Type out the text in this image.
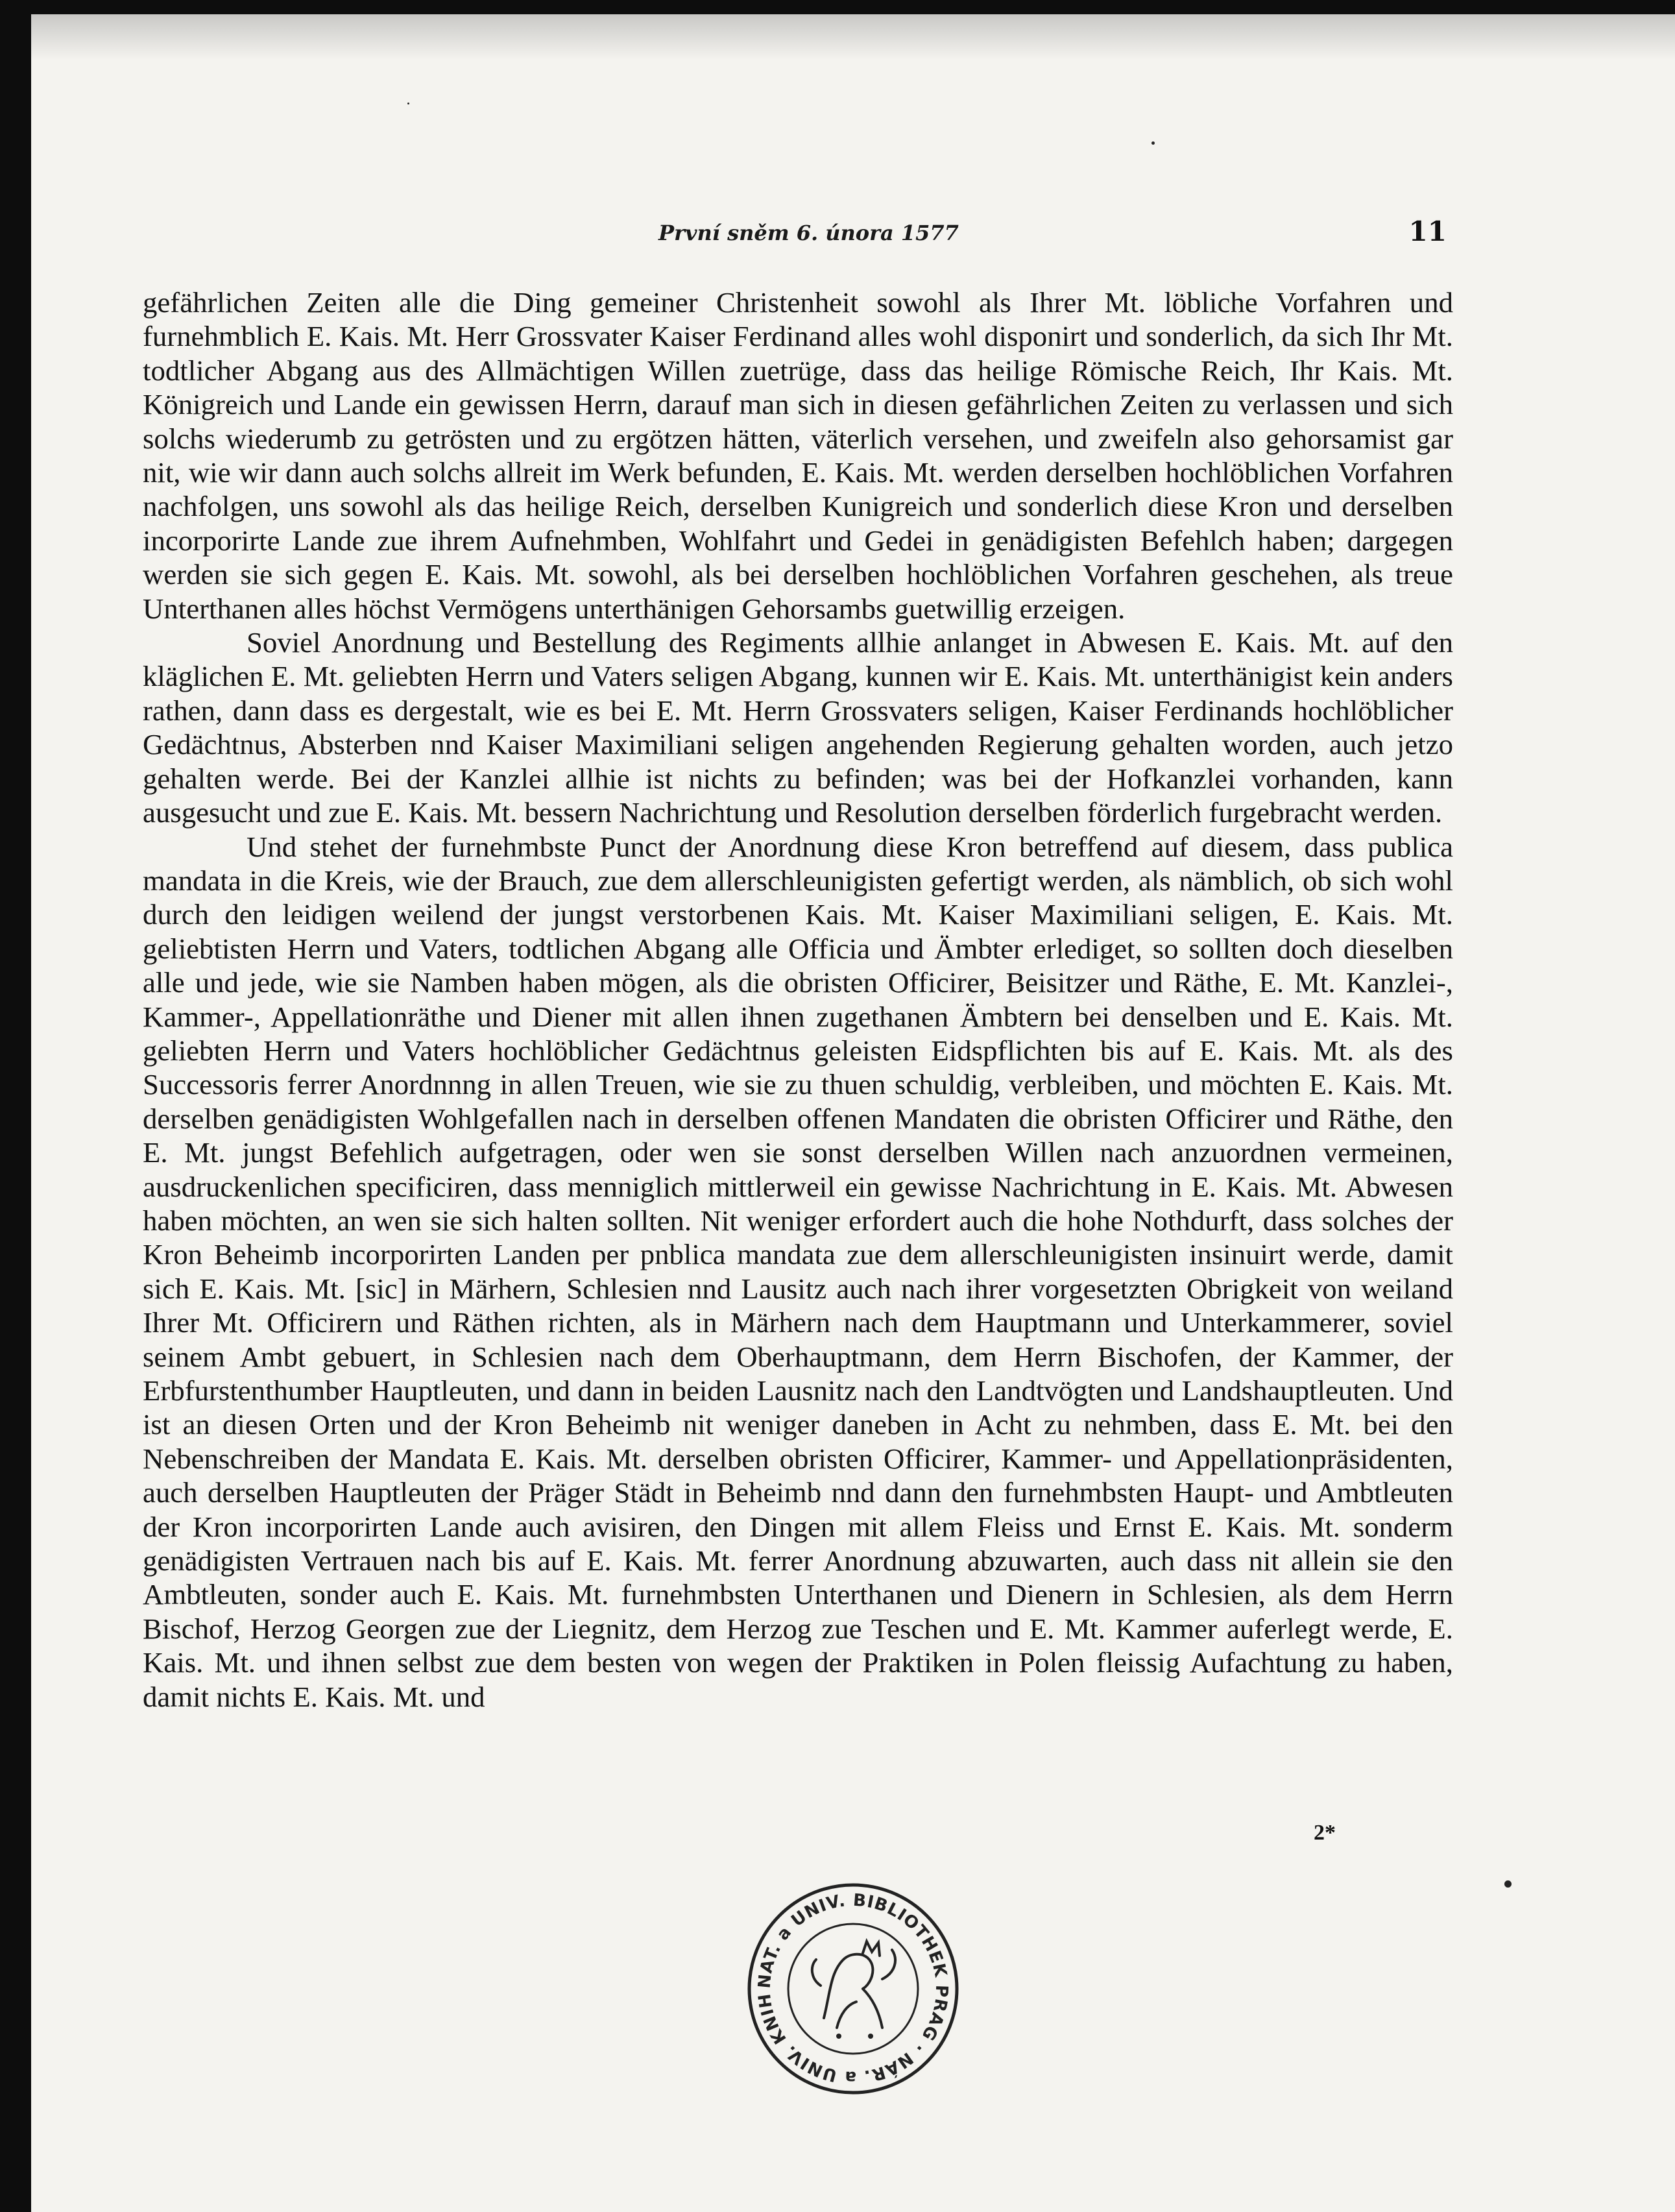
První sněm 6. února 1577	11

gefährlichen Zeiten alle die Ding gemeiner Christenheit sowohl als Ihrer Mt. löbliche Vorfahren und furnehmblich E. Kais. Mt. Herr Grossvater Kaiser Ferdinand alles wohl disponirt und sonderlich, da sich Ihr Mt. todtlicher Abgang aus des Allmächtigen Willen zuetrüge, dass das heilige Römische Reich, Ihr Kais. Mt. Königreich und Lande ein gewissen Herrn, darauf man sich in diesen gefährlichen Zeiten zu verlassen und sich solchs wiederumb zu getrösten und zu ergötzen hätten, väterlich versehen, und zweifeln also gehorsamist gar nit, wie wir dann auch solchs allreit im Werk befunden, E. Kais. Mt. werden derselben hochlöblichen Vorfahren nachfolgen, uns sowohl als das heilige Reich, derselben Kunigreich und sonderlich diese Kron und derselben incorporirte Lande zue ihrem Aufnehmben, Wohlfahrt und Gedei in genädigisten Befehlch haben; dargegen werden sie sich gegen E. Kais. Mt. sowohl, als bei derselben hochlöblichen Vorfahren geschehen, als treue Unterthanen alles höchst Vermögens unterthänigen Gehorsambs guetwillig erzeigen.

Soviel Anordnung und Bestellung des Regiments allhie anlanget in Abwesen E. Kais. Mt. auf den kläglichen E. Mt. geliebten Herrn und Vaters seligen Abgang, kunnen wir E. Kais. Mt. unterthänigist kein anders rathen, dann dass es dergestalt, wie es bei E. Mt. Herrn Grossvaters seligen, Kaiser Ferdinands hochlöblicher Gedächtnus, Absterben nnd Kaiser Maximiliani seligen angehenden Regierung gehalten worden, auch jetzo gehalten werde. Bei der Kanzlei allhie ist nichts zu befinden; was bei der Hofkanzlei vorhanden, kann ausgesucht und zue E. Kais. Mt. bessern Nachrichtung und Resolution derselben förderlich furgebracht werden.

Und stehet der furnehmbste Punct der Anordnung diese Kron betreffend auf diesem, dass publica mandata in die Kreis, wie der Brauch, zue dem allerschleunigisten gefertigt werden, als nämblich, ob sich wohl durch den leidigen weilend der jungst verstorbenen Kais. Mt. Kaiser Maximiliani seligen, E. Kais. Mt. geliebtisten Herrn und Vaters, todtlichen Abgang alle Officia und Ämbter erlediget, so sollten doch dieselben alle und jede, wie sie Namben haben mögen, als die obristen Officirer, Beisitzer und Räthe, E. Mt. Kanzlei-, Kammer-, Appellationräthe und Diener mit allen ihnen zugethanen Ämbtern bei denselben und E. Kais. Mt. geliebten Herrn und Vaters hochlöblicher Gedächtnus geleisten Eidspflichten bis auf E. Kais. Mt. als des Successoris ferrer Anordnnng in allen Treuen, wie sie zu thuen schuldig, verbleiben, und möchten E. Kais. Mt. derselben genädigisten Wohlgefallen nach in derselben offenen Mandaten die obristen Officirer und Räthe, den E. Mt. jungst Befehlich aufgetragen, oder wen sie sonst derselben Willen nach anzuordnen vermeinen, ausdruckenlichen specificiren, dass menniglich mittlerweil ein gewisse Nachrichtung in E. Kais. Mt. Abwesen haben möchten, an wen sie sich halten sollten. Nit weniger erfordert auch die hohe Nothdurft, dass solches der Kron Beheimb incorporirten Landen per pnblica mandata zue dem allerschleunigisten insinuirt werde, damit sich E. Kais. Mt. [sic] in Märhern, Schlesien nnd Lausitz auch nach ihrer vorgesetzten Obrigkeit von weiland Ihrer Mt. Officirern und Räthen richten, als in Märhern nach dem Hauptmann und Unterkammerer, soviel seinem Ambt gebuert, in Schlesien nach dem Oberhauptmann, dem Herrn Bischofen, der Kammer, der Erbfurstenthumber Hauptleuten, und dann in beiden Lausnitz nach den Landtvögten und Landshauptleuten. Und ist an diesen Orten und der Kron Beheimb nit weniger daneben in Acht zu nehmben, dass E. Mt. bei den Nebenschreiben der Mandata E. Kais. Mt. derselben obristen Officirer, Kammer- und Appellationpräsidenten, auch derselben Hauptleuten der Präger Städt in Beheimb nnd dann den furnehmbsten Haupt- und Ambtleuten der Kron incorporirten Lande auch avisiren, den Dingen mit allem Fleiss und Ernst E. Kais. Mt. sonderm genädigisten Vertrauen nach bis auf E. Kais. Mt. ferrer Anordnung abzuwarten, auch dass nit allein sie den Ambtleuten, sonder auch E. Kais. Mt. furnehmbsten Unterthanen und Dienern in Schlesien, als dem Herrn Bischof, Herzog Georgen zue der Liegnitz, dem Herzog zue Teschen und E. Mt. Kammer auferlegt werde, E. Kais. Mt. und ihnen selbst zue dem besten von wegen der Praktiken in Polen fleissig Aufachtung zu haben, damit nichts E. Kais. Mt. und

2*
NAT. a UNIV. BIBLIOTHEK PRAG · NÁR. a UNIV. KNIH
